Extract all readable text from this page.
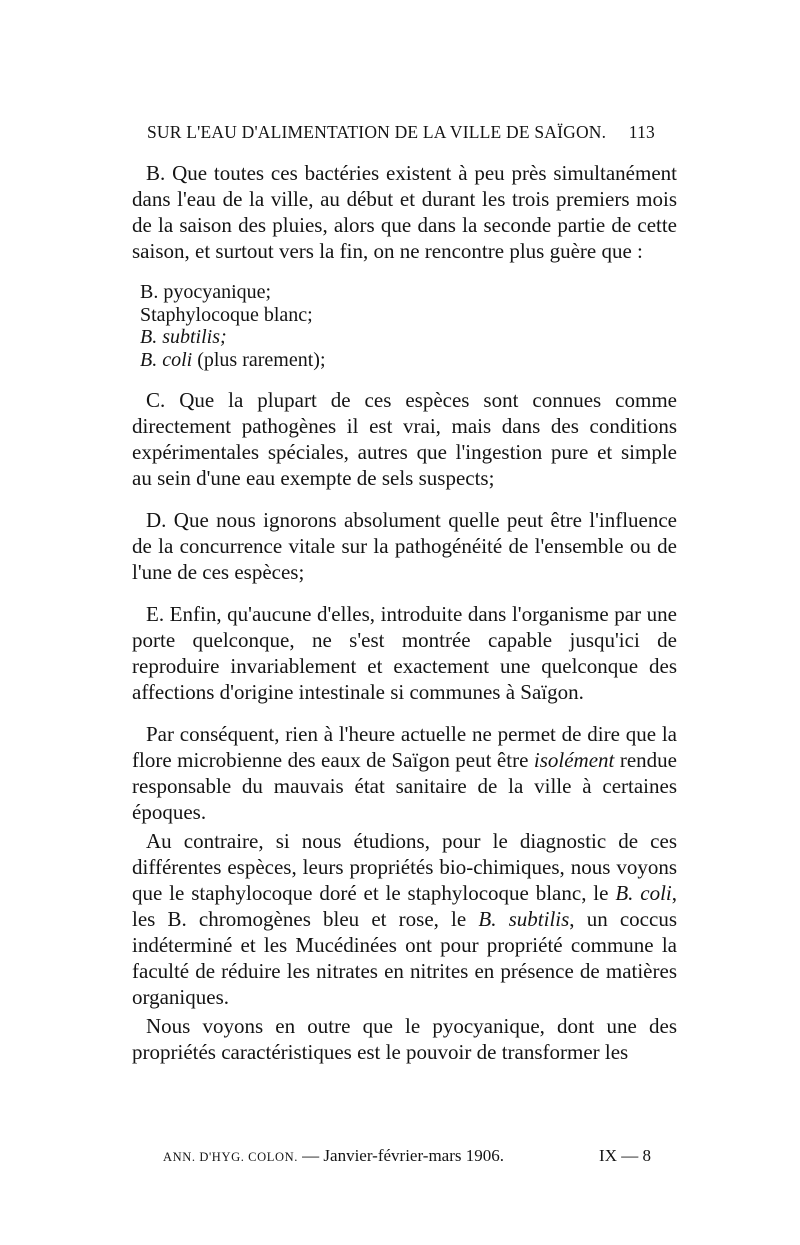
SUR L'EAU D'ALIMENTATION DE LA VILLE DE SAÏGON. 113

B. Que toutes ces bactéries existent à peu près simultanément dans l'eau de la ville, au début et durant les trois premiers mois de la saison des pluies, alors que dans la seconde partie de cette saison, et surtout vers la fin, on ne rencontre plus guère que :

B. pyocyanique;
Staphylocoque blanc;
B. subtilis;
B. coli (plus rarement);

C. Que la plupart de ces espèces sont connues comme directement pathogènes il est vrai, mais dans des conditions expérimentales spéciales, autres que l'ingestion pure et simple au sein d'une eau exempte de sels suspects;

D. Que nous ignorons absolument quelle peut être l'influence de la concurrence vitale sur la pathogénéité de l'ensemble ou de l'une de ces espèces;

E. Enfin, qu'aucune d'elles, introduite dans l'organisme par une porte quelconque, ne s'est montrée capable jusqu'ici de reproduire invariablement et exactement une quelconque des affections d'origine intestinale si communes à Saïgon.

Par conséquent, rien à l'heure actuelle ne permet de dire que la flore microbienne des eaux de Saïgon peut être isolément rendue responsable du mauvais état sanitaire de la ville à certaines époques.

Au contraire, si nous étudions, pour le diagnostic de ces différentes espèces, leurs propriétés bio-chimiques, nous voyons que le staphylocoque doré et le staphylocoque blanc, le B. coli, les B. chromogènes bleu et rose, le B. subtilis, un coccus indéterminé et les Mucédinées ont pour propriété commune la faculté de réduire les nitrates en nitrites en présence de matières organiques.

Nous voyons en outre que le pyocyanique, dont une des propriétés caractéristiques est le pouvoir de transformer les

ANN. D'HYG. COLON. — Janvier-février-mars 1906.	IX — 8
